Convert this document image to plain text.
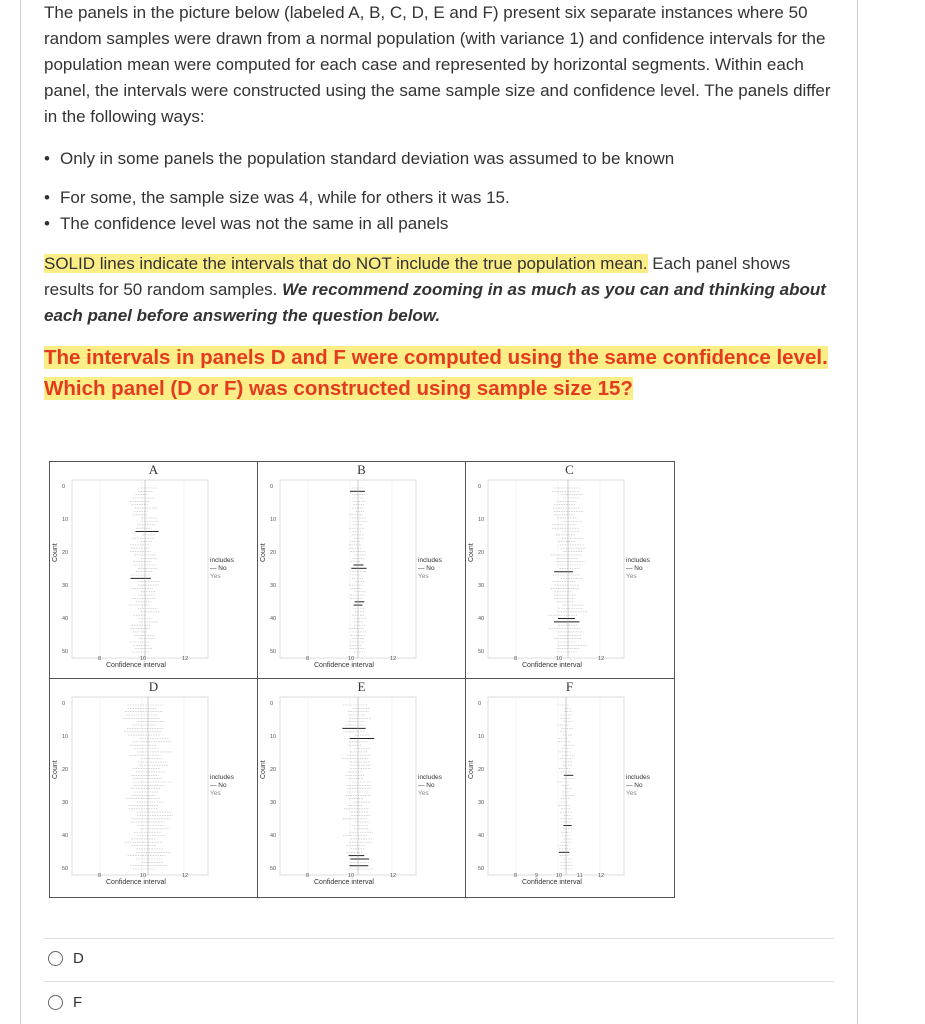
The panels in the picture below (labeled A, B, C, D, E and F) present six separate instances where 50 random samples were drawn from a normal population (with variance 1) and confidence intervals for the population mean were computed for each case and represented by horizontal segments. Within each panel, the intervals were constructed using the same sample size and confidence level. The panels differ in the following ways:

• Only in some panels the population standard deviation was assumed to be known
• For some, the sample size was 4, while for others it was 15.
• The confidence level was not the same in all panels

SOLID lines indicate the intervals that do NOT include the true population mean. Each panel shows results for 50 random samples. We recommend zooming in as much as you can and thinking about each panel before answering the question below.

The intervals in panels D and F were computed using the same confidence level.
Which panel (D or F) was constructed using sample size 15?

A
0
10
20
30
40
50
8	10	12
Confidence interval
Count	includes
— No
Yes
B
0
10
20
30
40
50
8	10	12
Confidence interval
Count	includes
— No
Yes
C
0
10
20
30
40
50
8	10	12
Confidence interval
Count	includes
— No
Yes
D
0
10
20
30
40
50
8	10	12
Confidence interval
Count	includes
— No
Yes
E
0
10
20
30
40
50
8	10	12
Confidence interval
Count	includes
— No
Yes
F
0
10
20
30
40
50
8	9	10	11	12
Confidence interval
Count	includes
— No
Yes
D
F
